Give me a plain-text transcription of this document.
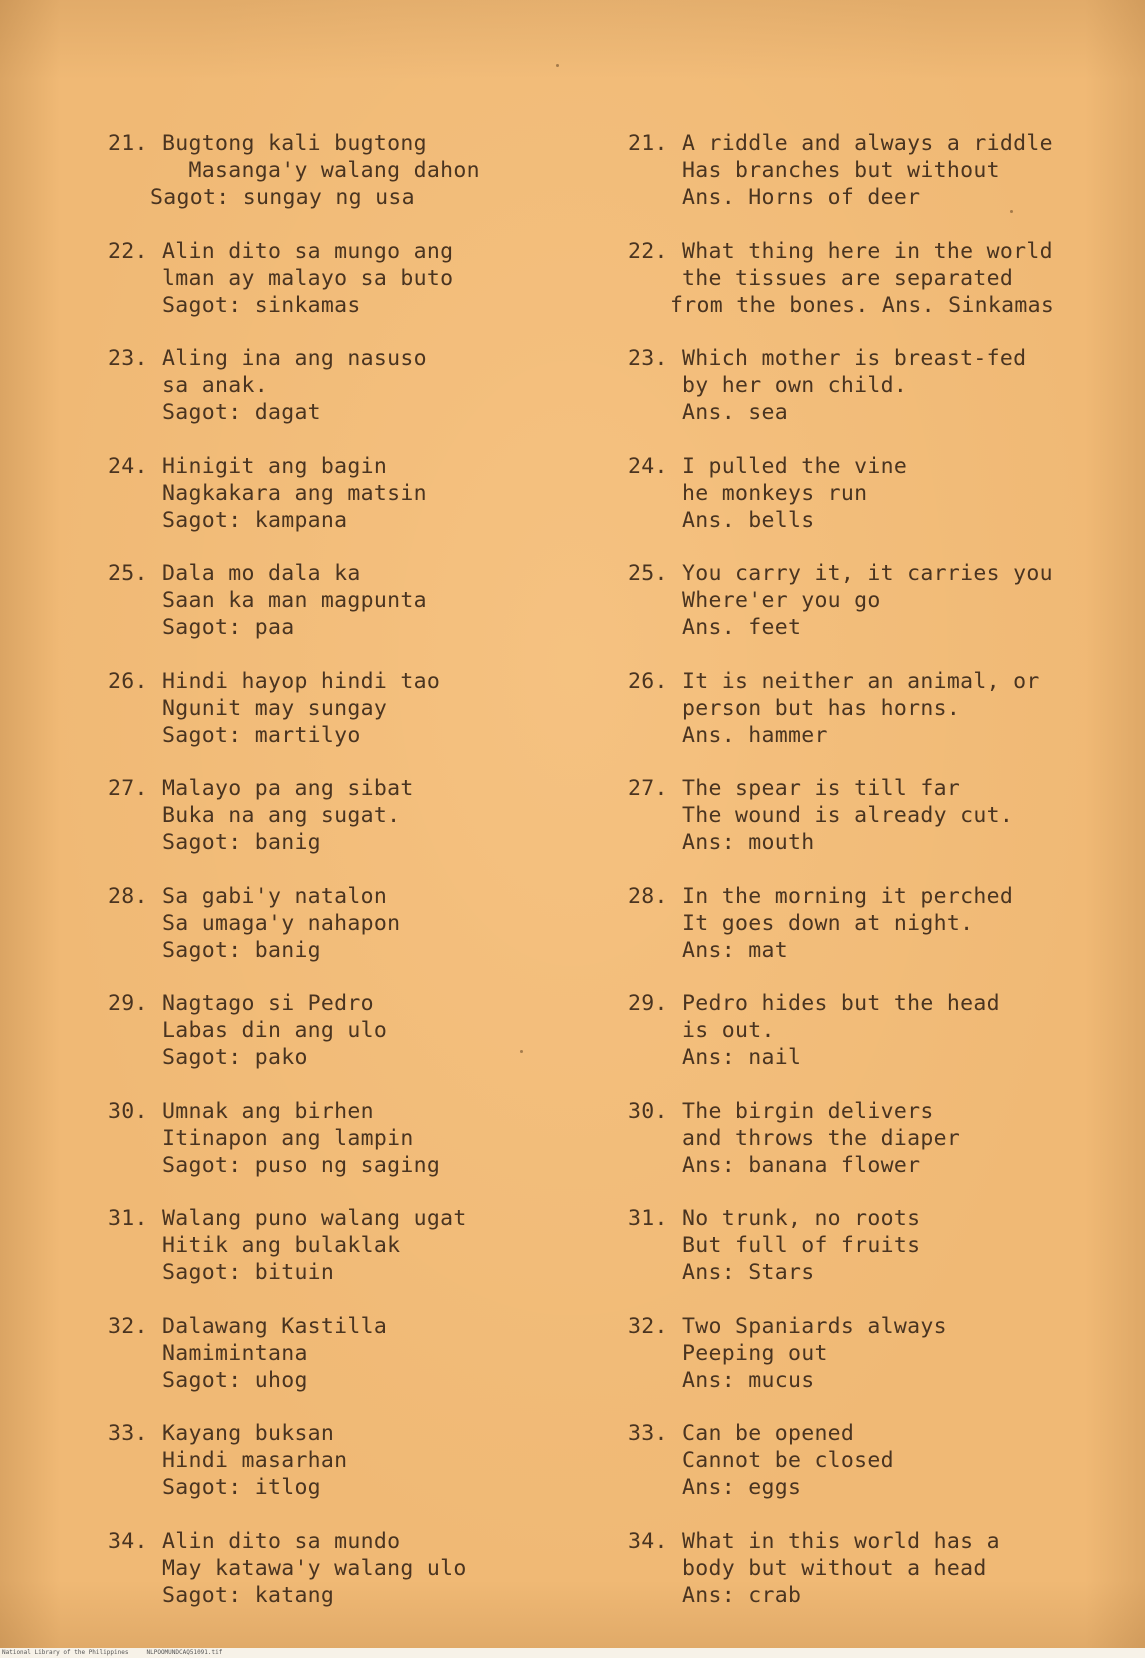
21. Bugtong kali bugtong
Masanga'y walang dahon
Sagot: sungay ng usa
22. Alin dito sa mungo ang
lman ay malayo sa buto
Sagot: sinkamas
23. Aling ina ang nasuso
sa anak.
Sagot: dagat
24. Hinigit ang bagin
Nagkakara ang matsin
Sagot: kampana
25. Dala mo dala ka
Saan ka man magpunta
Sagot: paa
26. Hindi hayop hindi tao
Ngunit may sungay
Sagot: martilyo
27. Malayo pa ang sibat
Buka na ang sugat.
Sagot: banig
28. Sa gabi'y natalon
Sa umaga'y nahapon
Sagot: banig
29. Nagtago si Pedro
Labas din ang ulo
Sagot: pako
30. Umnak ang birhen
Itinapon ang lampin
Sagot: puso ng saging
31. Walang puno walang ugat
Hitik ang bulaklak
Sagot: bituin
32. Dalawang Kastilla
Namimintana
Sagot: uhog
33. Kayang buksan
Hindi masarhan
Sagot: itlog
34. Alin dito sa mundo
May katawa'y walang ulo
Sagot: katang
21. A riddle and always a riddle
Has branches but without
Ans. Horns of deer
22. What thing here in the world
the tissues are separated
from the bones. Ans. Sinkamas
23. Which mother is breast-fed
by her own child.
Ans. sea
24. I pulled the vine
he monkeys run
Ans. bells
25. You carry it, it carries you
Where'er you go
Ans. feet
26. It is neither an animal, or
person but has horns.
Ans. hammer
27. The spear is till far
The wound is already cut.
Ans: mouth
28. In the morning it perched
It goes down at night.
Ans: mat
29. Pedro hides but the head
is out.
Ans: nail
30. The birgin delivers
and throws the diaper
Ans: banana flower
31. No trunk, no roots
But full of fruits
Ans: Stars
32. Two Spaniards always
Peeping out
Ans: mucus
33. Can be opened
Cannot be closed
Ans: eggs
34. What in this world has a
body but without a head
Ans: crab
National Library of the Philippines     NLPOOMUNDCAQ51091.tif
